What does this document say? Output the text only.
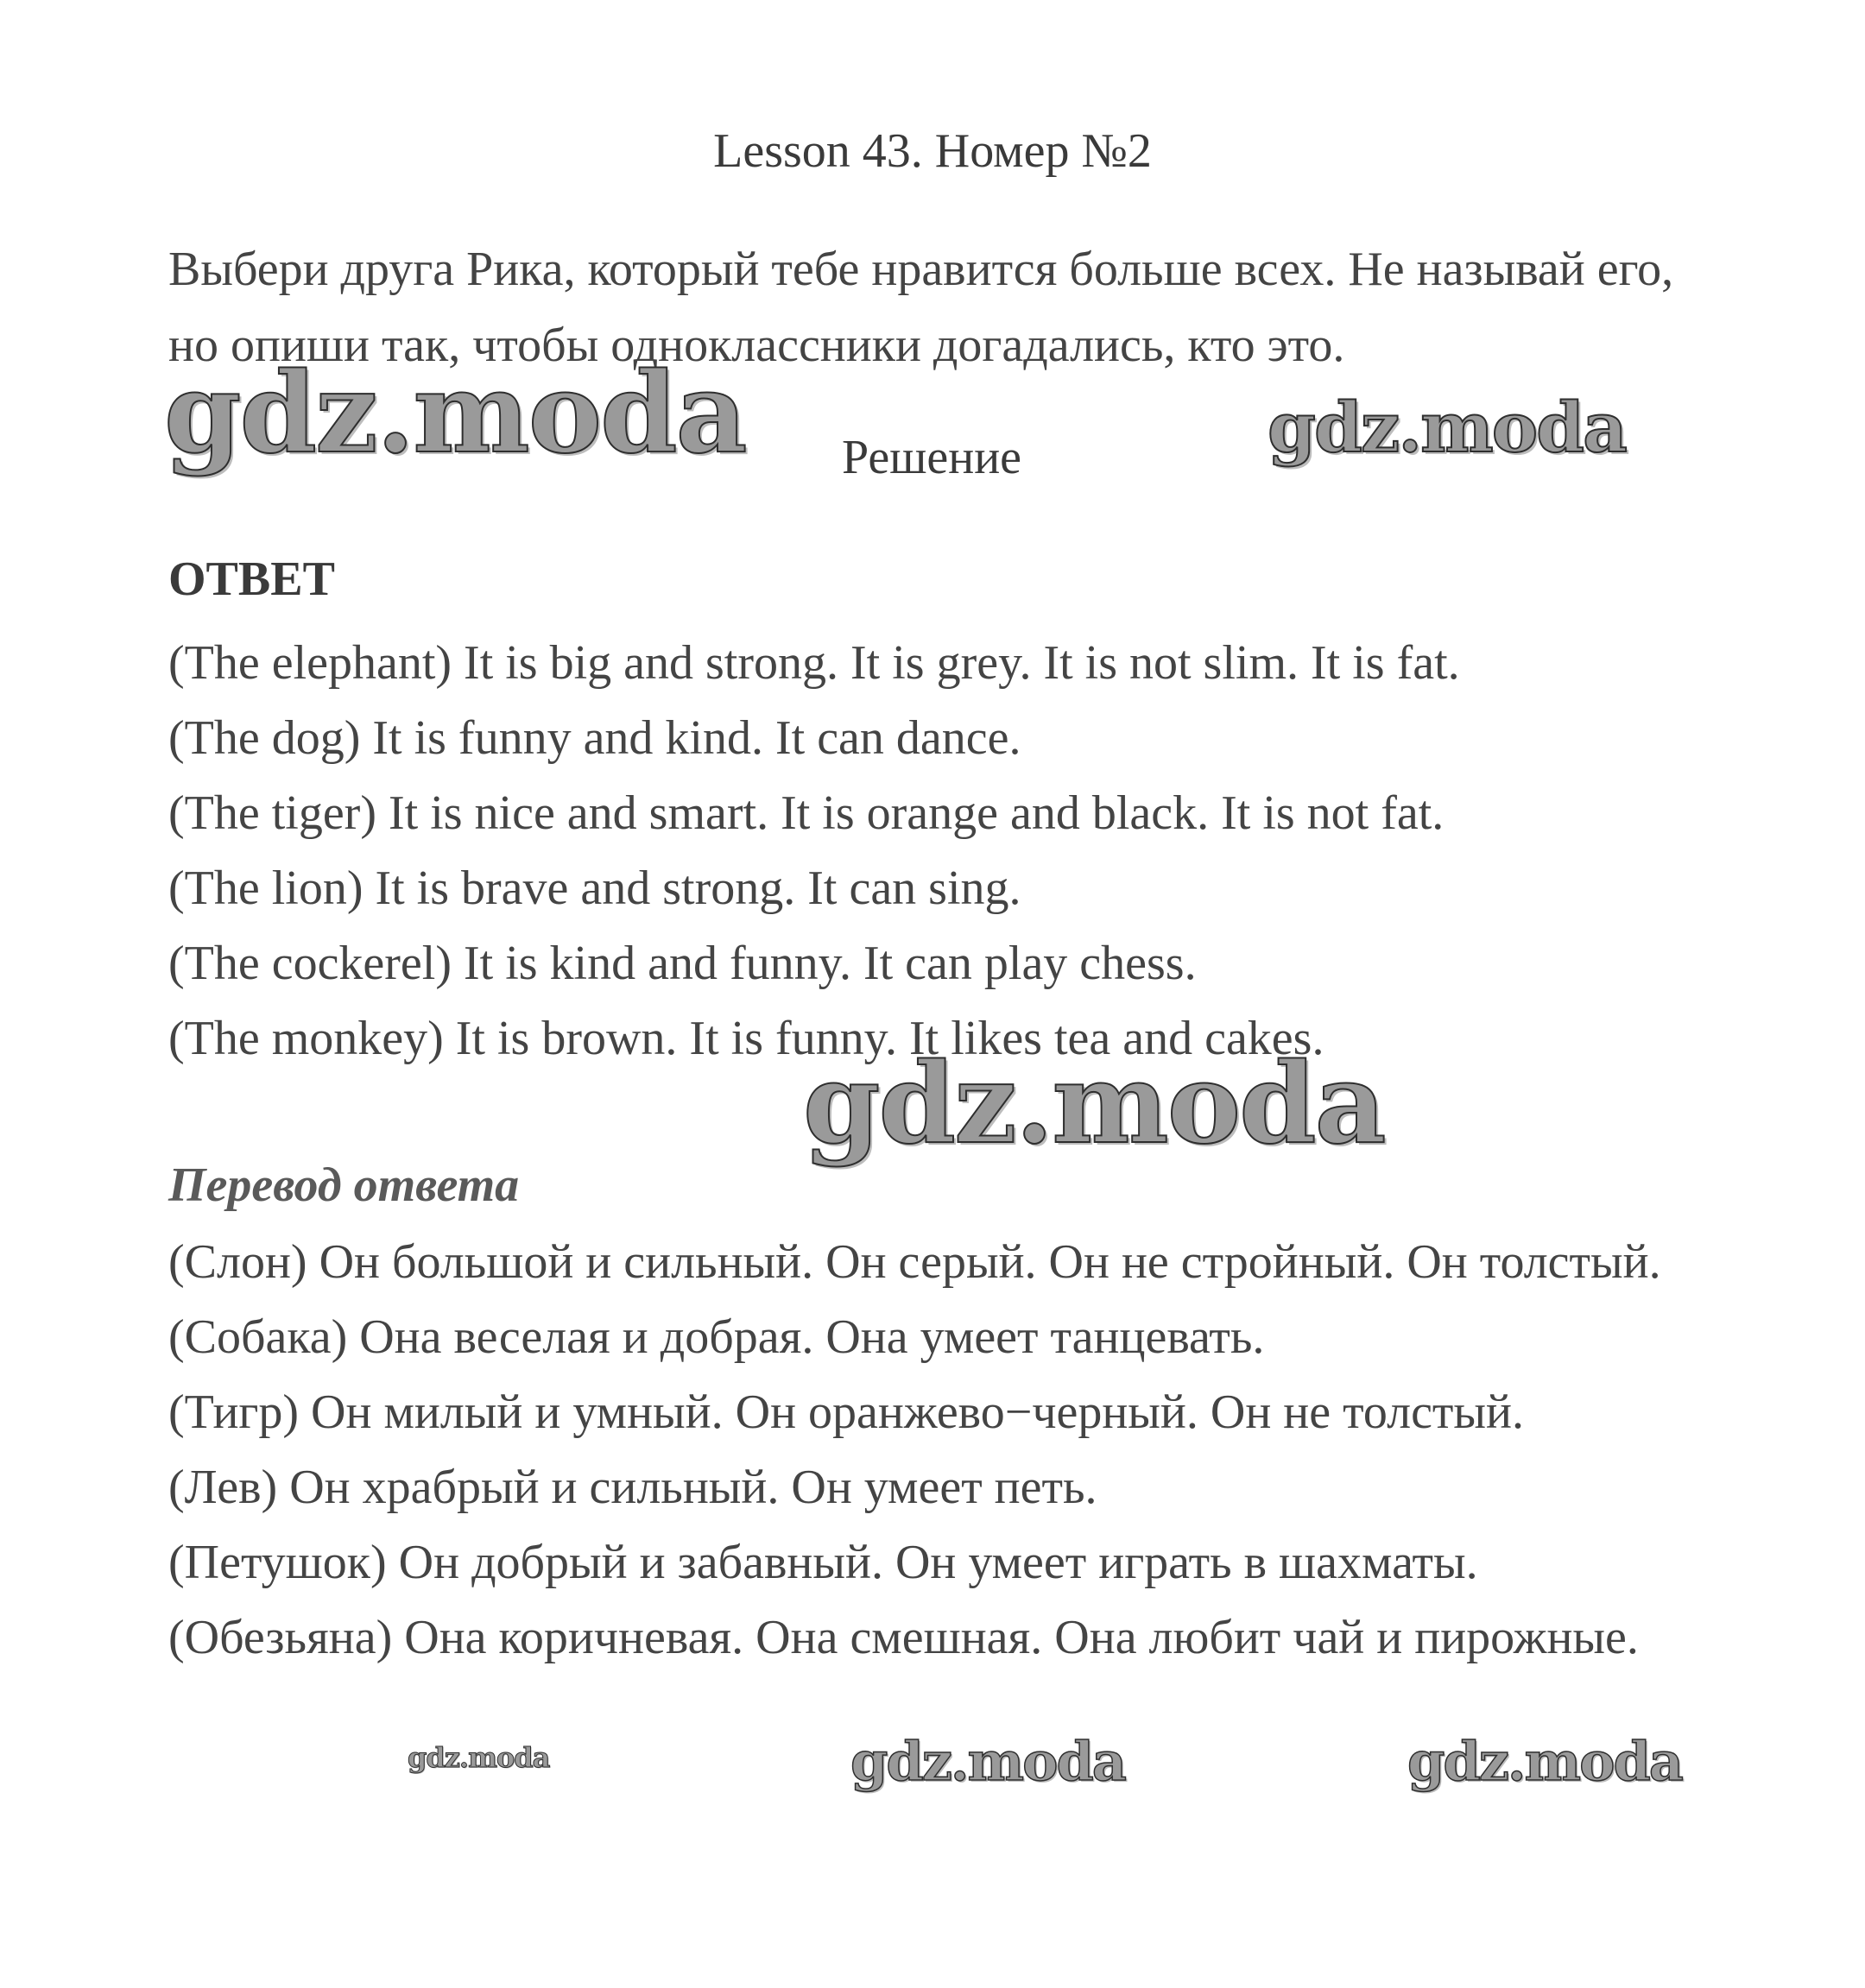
Lesson 43. Номер №2

Выбери друга Рика, который тебе нравится больше всех. Не называй его, но опиши так, чтобы одноклассники догадались, кто это.

Решение
ОТВЕТ
(The elephant) It is big and strong. It is grey. It is not slim. It is fat.
(The dog) It is funny and kind. It can dance.
(The tiger) It is nice and smart. It is orange and black. It is not fat.
(The lion) It is brave and strong. It can sing.
(The cockerel) It is kind and funny. It can play chess.
(The monkey) It is brown. It is funny. It likes tea and cakes.
Перевод ответа
(Слон) Он большой и сильный. Он серый. Он не стройный. Он толстый.
(Собака) Она веселая и добрая. Она умеет танцевать.
(Тигр) Он милый и умный. Он оранжево−черный. Он не толстый.
(Лев) Он храбрый и сильный. Он умеет петь.
(Петушок) Он добрый и забавный. Он умеет играть в шахматы.
(Обезьяна) Она коричневая. Она смешная. Она любит чай и пирожные.
gdz.moda	gdz.moda
gdz.moda
gdz.moda	gdz.moda
gdz.moda
